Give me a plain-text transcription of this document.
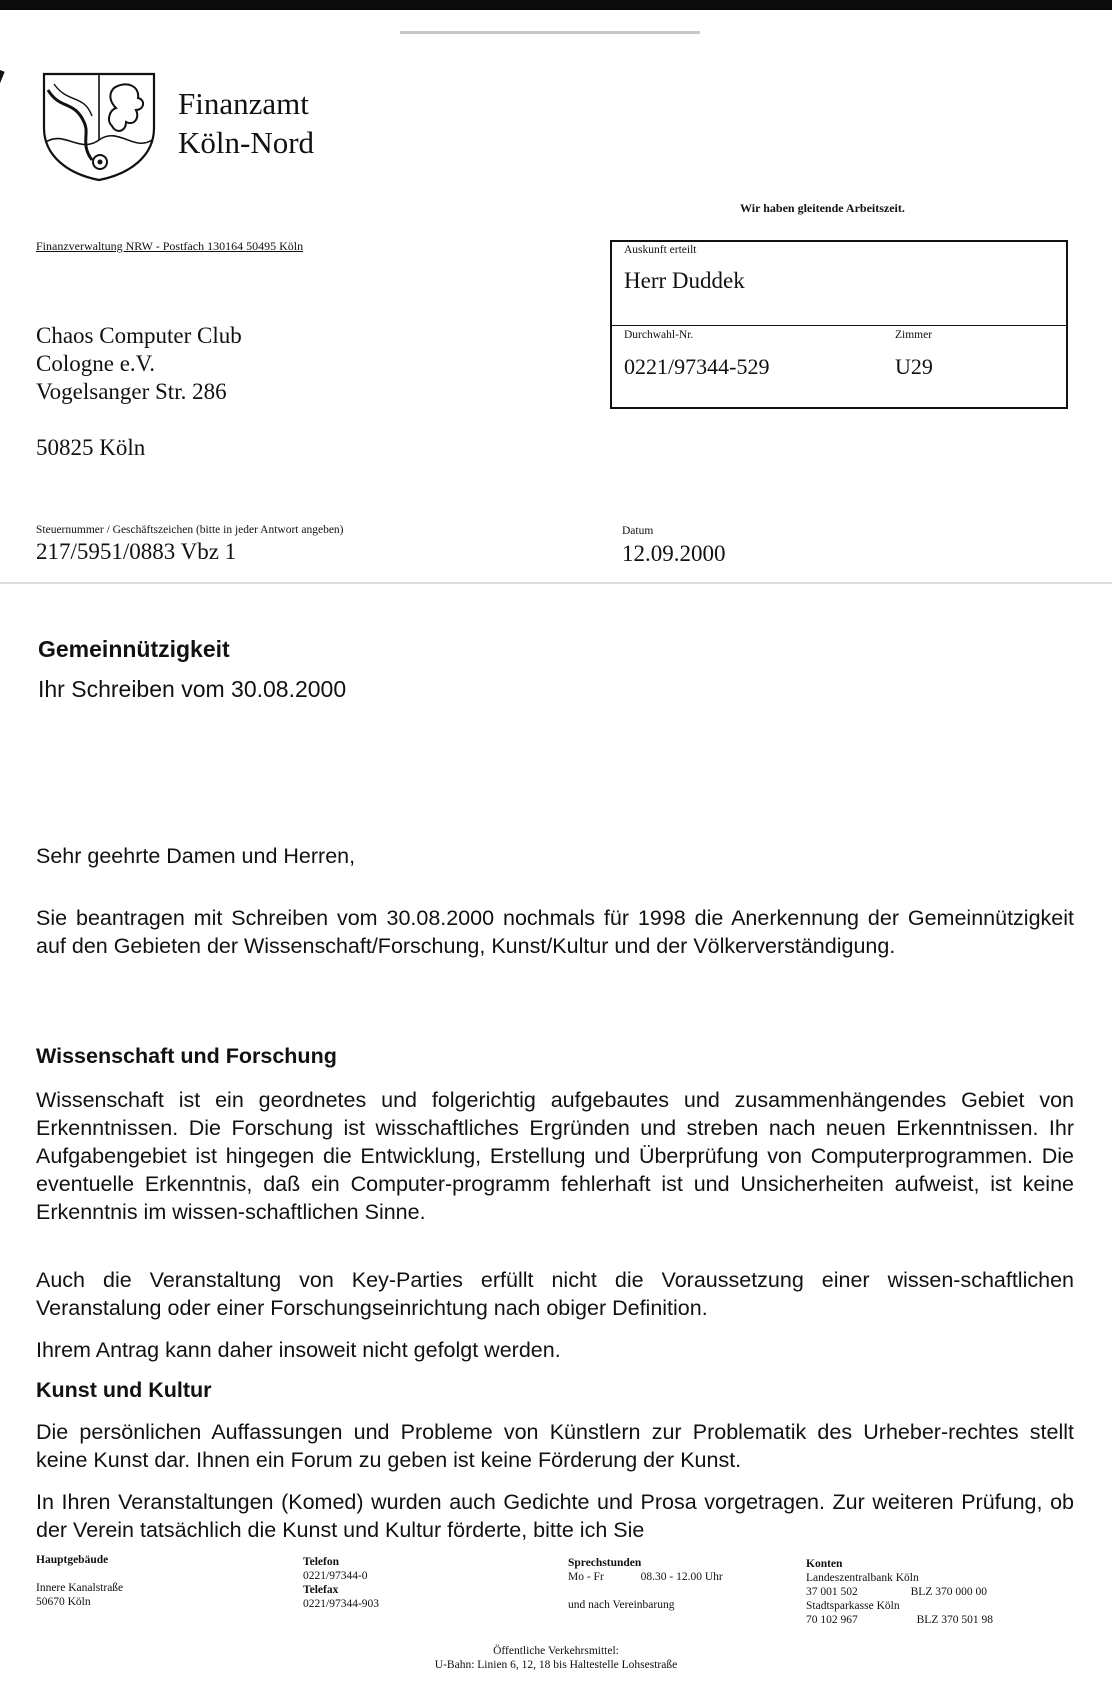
Finanzamt
Köln-Nord
Wir haben gleitende Arbeitszeit.
Finanzverwaltung NRW - Postfach 130164 50495 Köln
Chaos Computer Club
Cologne e.V.
Vogelsanger Str. 286
50825 Köln
Auskunft erteilt
Herr Duddek
Durchwahl-Nr.	Zimmer
0221/97344-529	U29
Steuernummer / Geschäftszeichen (bitte in jeder Antwort angeben)
217/5951/0883 Vbz 1
Datum
12.09.2000
Gemeinnützigkeit
Ihr Schreiben vom 30.08.2000
Sehr geehrte Damen und Herren,

Sie beantragen mit Schreiben vom 30.08.2000 nochmals für 1998 die Anerkennung der Gemeinnützigkeit auf den Gebieten der Wissenschaft/Forschung, Kunst/Kultur und der Völkerverständigung.

Wissenschaft und Forschung

Wissenschaft ist ein geordnetes und folgerichtig aufgebautes und zusammenhängendes Gebiet von Erkenntnissen. Die Forschung ist wisschaftliches Ergründen und streben nach neuen Erkenntnissen. Ihr Aufgabengebiet ist hingegen die Entwicklung, Erstellung und Überprüfung von Computerprogrammen. Die eventuelle Erkenntnis, daß ein Computer-programm fehlerhaft ist und Unsicherheiten aufweist, ist keine Erkenntnis im wissen-schaftlichen Sinne.

Auch die Veranstaltung von Key-Parties erfüllt nicht die Voraussetzung einer wissen-schaftlichen Veranstalung oder einer Forschungseinrichtung nach obiger Definition.

Ihrem Antrag kann daher insoweit nicht gefolgt werden.

Kunst und Kultur

Die persönlichen Auffassungen und Probleme von Künstlern zur Problematik des Urheber-rechtes stellt keine Kunst dar. Ihnen ein Forum zu geben ist keine Förderung der Kunst.

In Ihren Veranstaltungen (Komed) wurden auch Gedichte und Prosa vorgetragen. Zur weiteren Prüfung, ob der Verein tatsächlich die Kunst und Kultur förderte, bitte ich Sie

Hauptgebäude
Innere Kanalstraße
50670 Köln
Telefon
0221/97344-0
Telefax
0221/97344-903
Sprechstunden
Mo - Fr	08.30 - 12.00 Uhr
und nach Vereinbarung
Konten
Landeszentralbank Köln
37 001 502	BLZ 370 000 00
Stadtsparkasse Köln
70 102 967	BLZ 370 501 98
Öffentliche Verkehrsmittel:
U-Bahn: Linien 6, 12, 18 bis Haltestelle Lohsestraße
